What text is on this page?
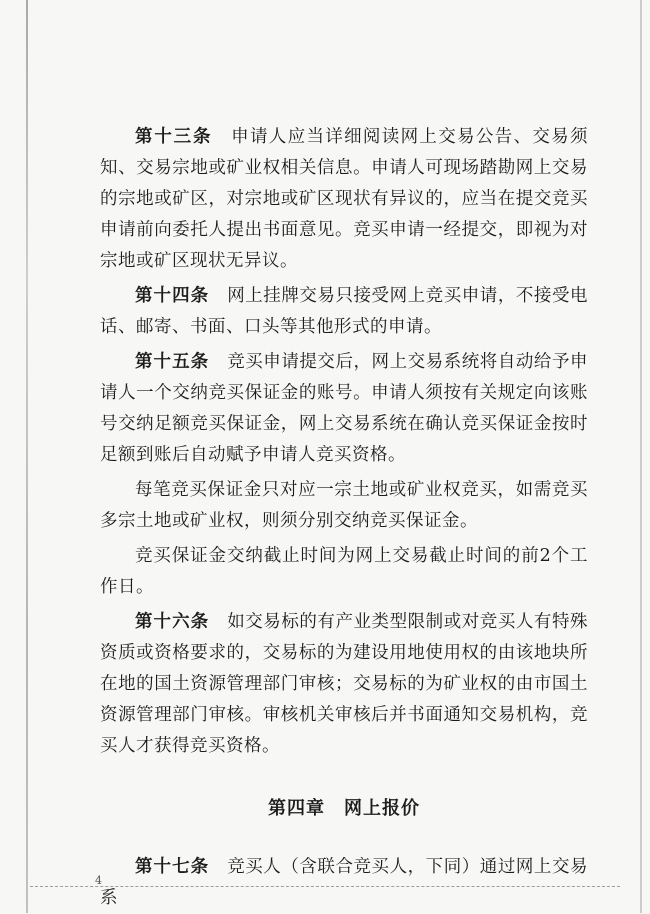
第十三条　 申请人应当详细阅读网上交易公告、交易须知、交易宗地或矿业权相关信息。申请人可现场踏勘网上交易的宗地或矿区，对宗地或矿区现状有异议的，应当在提交竞买申请前向委托人提出书面意见。竞买申请一经提交，即视为对宗地或矿区现状无异议。

第十四条　 网上挂牌交易只接受网上竞买申请，不接受电话、邮寄、书面、口头等其他形式的申请。

第十五条　 竞买申请提交后，网上交易系统将自动给予申请人一个交纳竞买保证金的账号。申请人须按有关规定向该账号交纳足额竞买保证金，网上交易系统在确认竞买保证金按时足额到账后自动赋予申请人竞买资格。

每笔竞买保证金只对应一宗土地或矿业权竞买，如需竞买多宗土地或矿业权，则须分别交纳竞买保证金。

竞买保证金交纳截止时间为网上交易截止时间的前2个工作日。

第十六条　 如交易标的有产业类型限制或对竞买人有特殊资质或资格要求的，交易标的为建设用地使用权的由该地块所在地的国土资源管理部门审核；交易标的为矿业权的由市国土资源管理部门审核。审核机关审核后并书面通知交易机构，竞买人才获得竞买资格。

第四章　网上报价

第十七条　 竞买人（含联合竞买人，下同）通过网上交易系

4
